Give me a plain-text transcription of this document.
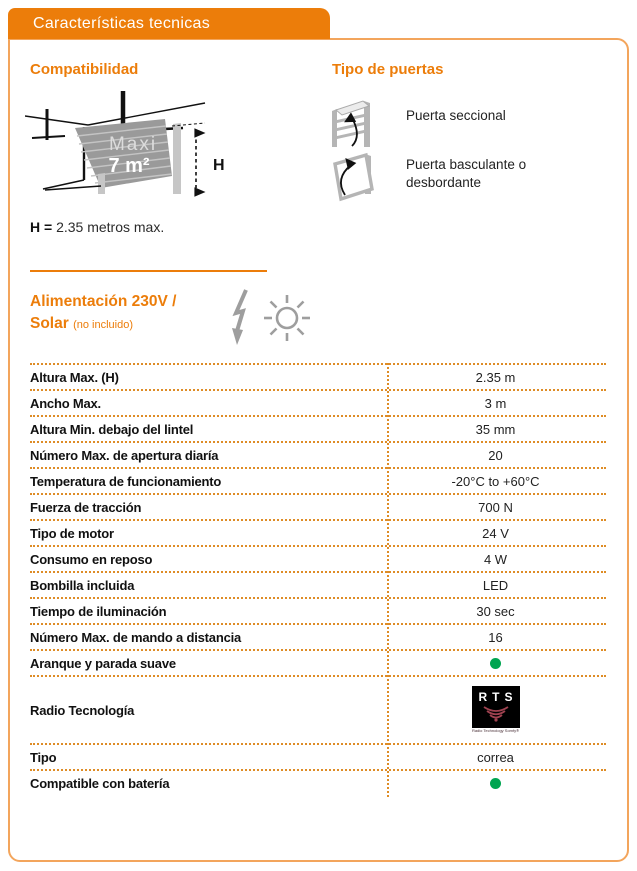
Características tecnicas
Compatibilidad	Tipo de puertas
Maxi
7 m²	H
H = 2.35 metros max.
Puerta seccional
Puerta basculante o desbordante
Alimentación 230V /
Solar (no incluido)
Altura Max. (H)	2.35 m
Ancho Max.	3 m
Altura Min. debajo del lintel	35 mm
Número Max. de apertura diaría	20
Temperatura de funcionamiento	-20°C to +60°C
Fuerza de tracción	700 N
Tipo de motor	24 V
Consumo en reposo	4 W
Bombilla incluida	LED
Tiempo de iluminación	30 sec
Número Max. de mando a distancia	16
Aranque y parada suave
Radio Tecnología
RTS
Radio Technology Somfy®
Tipo	correa
Compatible con batería
